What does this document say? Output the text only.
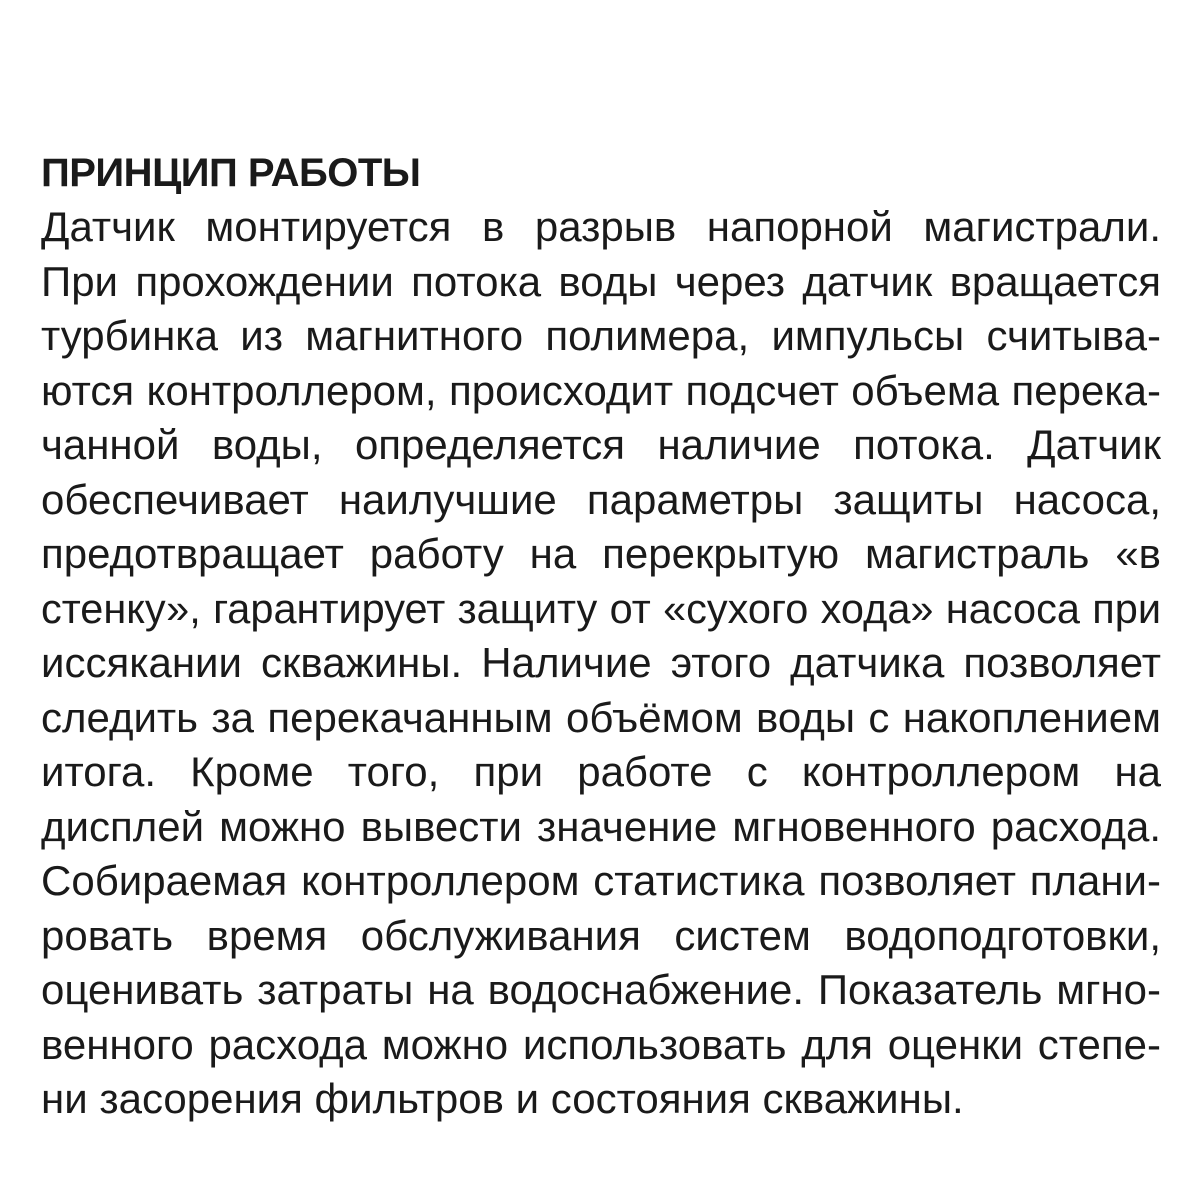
ПРИНЦИП РАБОТЫ
Датчик монтируется в разрыв напорной магистрали.
При прохождении потока воды через датчик вращается
турбинка из магнитного полимера, импульсы считыва-
ются контроллером, происходит подсчет объема перека-
чанной воды, определяется наличие потока. Датчик
обеспечивает наилучшие параметры защиты насоса,
предотвращает работу на перекрытую магистраль «в
стенку», гарантирует защиту от «сухого хода» насоса при
иссякании скважины. Наличие этого датчика позволяет
следить за перекачанным объёмом воды с накоплением
итога. Кроме того, при работе с контроллером на
дисплей можно вывести значение мгновенного расхода.
Собираемая контроллером статистика позволяет плани-
ровать время обслуживания систем водоподготовки,
оценивать затраты на водоснабжение. Показатель мгно-
венного расхода можно использовать для оценки степе-
ни засорения фильтров и состояния скважины.
